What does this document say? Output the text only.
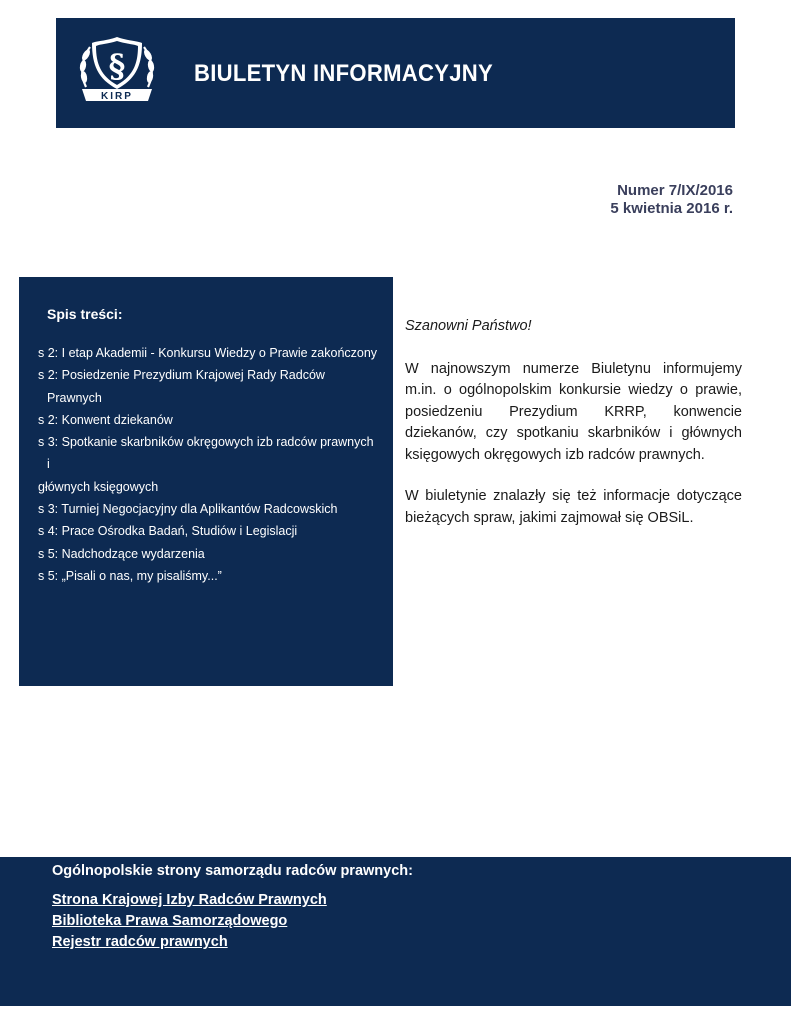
§
KIRP
BIULETYN INFORMACYJNY
Numer 7/IX/2016
5 kwietnia 2016 r.
Spis treści:
s 2: I etap Akademii - Konkursu Wiedzy o Prawie zakończony
s 2: Posiedzenie Prezydium Krajowej Rady Radców Prawnych
s 2: Konwent dziekanów
s 3: Spotkanie skarbników okręgowych izb radców prawnych i
głównych księgowych
s 3: Turniej Negocjacyjny dla Aplikantów Radcowskich
s 4: Prace Ośrodka Badań, Studiów i Legislacji
s 5: Nadchodzące wydarzenia
s 5: „Pisali o nas, my pisaliśmy...”
Szanowni Państwo!

W najnowszym numerze Biuletynu informujemy m.in. o ogólnopolskim konkursie wiedzy o prawie, posiedzeniu Prezydium KRRP, konwencie dziekanów, czy spotkaniu skarbników i głównych księgowych okręgowych izb radców prawnych.

W biuletynie znalazły się też informacje dotyczące bieżących spraw, jakimi zajmował się OBSiL.

Ogólnopolskie strony samorządu radców prawnych:
Strona Krajowej Izby Radców Prawnych
Biblioteka Prawa Samorządowego
Rejestr radców prawnych
